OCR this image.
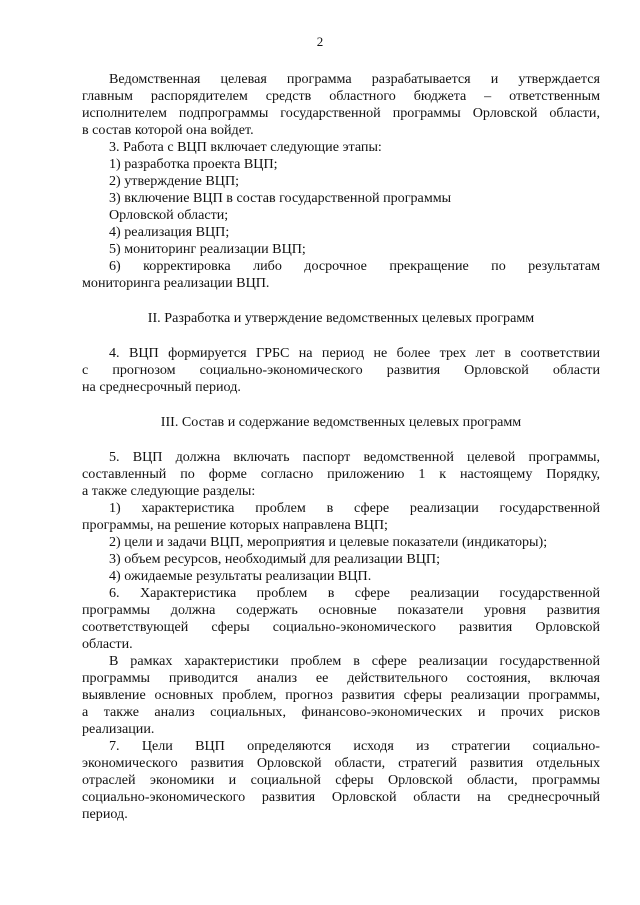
2
Ведомственная целевая программа разрабатывается и утверждается
главным распорядителем средств областного бюджета – ответственным
исполнителем подпрограммы государственной программы Орловской области,
в состав которой она войдет.
3. Работа с ВЦП включает следующие этапы:
1) разработка проекта ВЦП;
2) утверждение ВЦП;
3) включение ВЦП в состав государственной программы
Орловской области;
4) реализация ВЦП;
5) мониторинг реализации ВЦП;
6) корректировка либо досрочное прекращение по результатам
мониторинга реализации ВЦП.
II. Разработка и утверждение ведомственных целевых программ
4. ВЦП формируется ГРБС на период не более трех лет в соответствии
с прогнозом социально-экономического развития Орловской области
на среднесрочный период.
III. Состав и содержание ведомственных целевых программ
5. ВЦП должна включать паспорт ведомственной целевой программы,
составленный по форме согласно приложению 1 к настоящему Порядку,
а также следующие разделы:
1) характеристика проблем в сфере реализации государственной
программы, на решение которых направлена ВЦП;
2) цели и задачи ВЦП, мероприятия и целевые показатели (индикаторы);
3) объем ресурсов, необходимый для реализации ВЦП;
4) ожидаемые результаты реализации ВЦП.
6. Характеристика проблем в сфере реализации государственной
программы должна содержать основные показатели уровня развития
соответствующей сферы социально-экономического развития Орловской
области.
В рамках характеристики проблем в сфере реализации государственной
программы приводится анализ ее действительного состояния, включая
выявление основных проблем, прогноз развития сферы реализации программы,
а также анализ социальных, финансово-экономических и прочих рисков
реализации.
7. Цели ВЦП определяются исходя из стратегии социально-
экономического развития Орловской области, стратегий развития отдельных
отраслей экономики и социальной сферы Орловской области, программы
социально-экономического развития Орловской области на среднесрочный
период.
